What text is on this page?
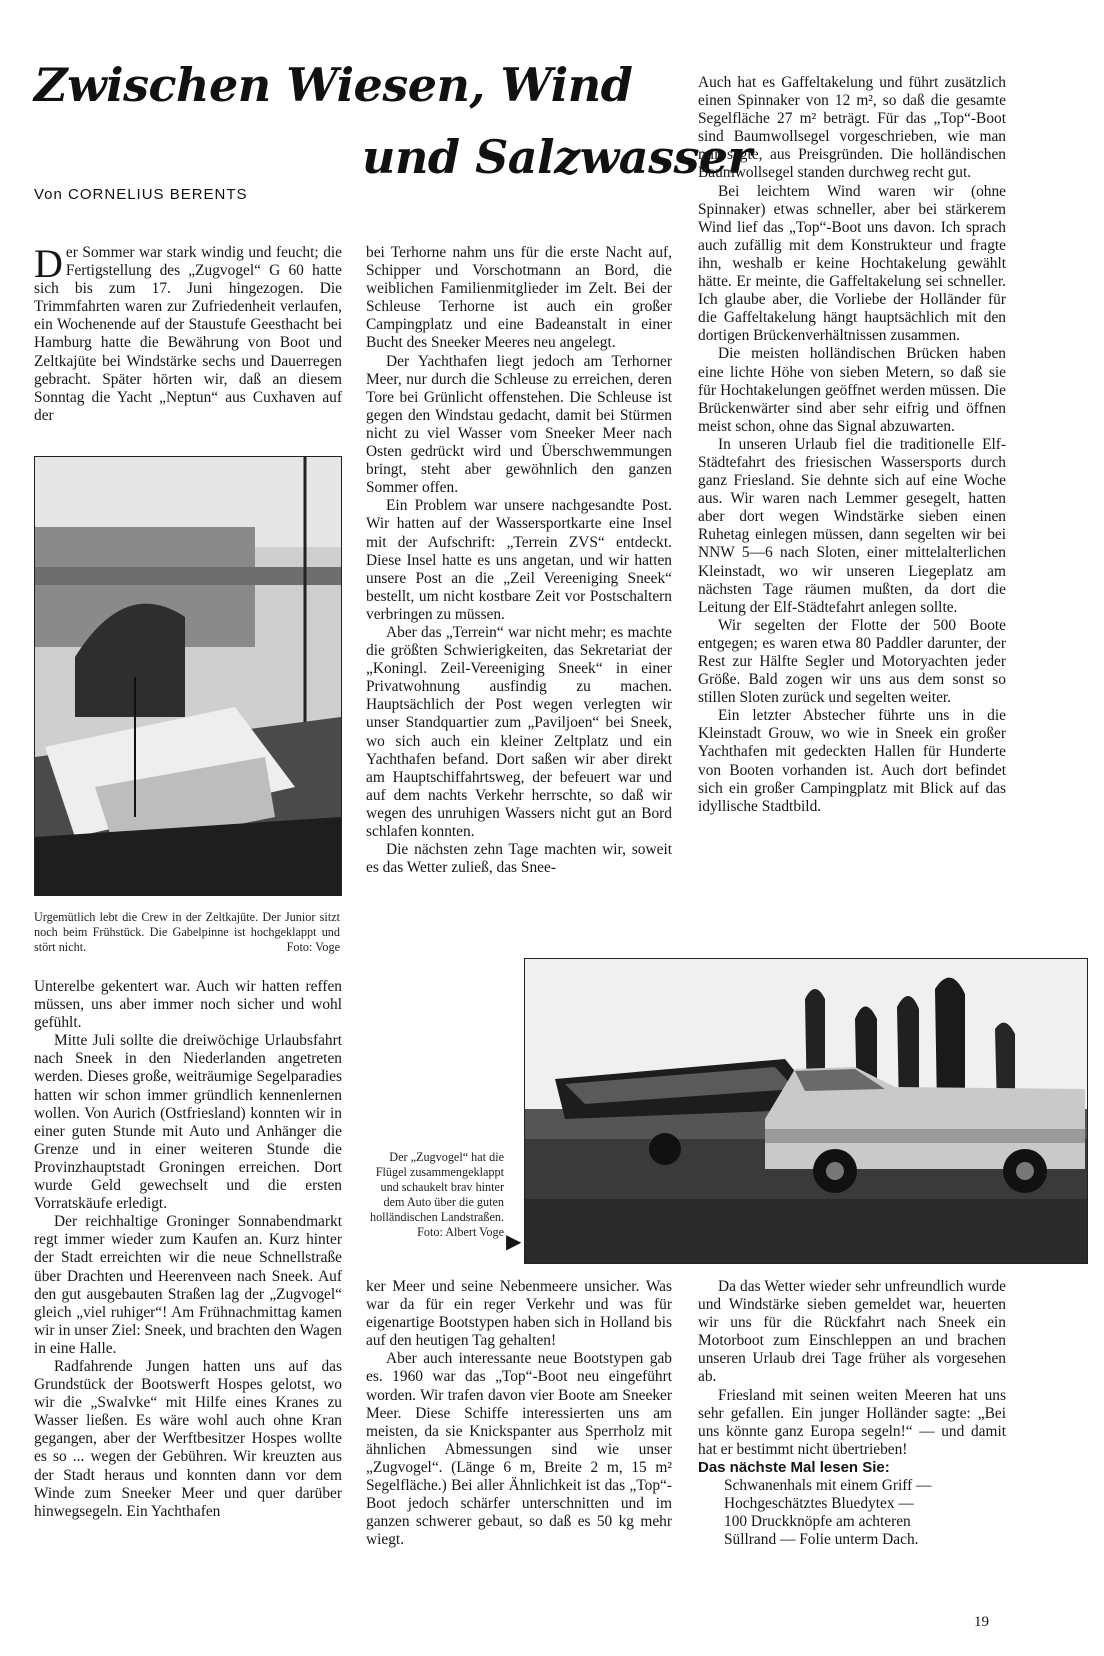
Zwischen Wiesen, Wind
und Salzwasser
Von CORNELIUS BERENTS

Der Sommer war stark windig und feucht; die Fertigstellung des „Zugvogel“ G 60 hatte sich bis zum 17. Juni hingezogen. Die Trimmfahrten waren zur Zufriedenheit verlaufen, ein Wochenende auf der Staustufe Geesthacht bei Hamburg hatte die Bewährung von Boot und Zeltkajüte bei Windstärke sechs und Dauerregen gebracht. Später hörten wir, daß an diesem Sonntag die Yacht „Neptun“ aus Cuxhaven auf der

Urgemütlich lebt die Crew in der Zeltkajüte. Der Junior sitzt noch beim Frühstück. Die Gabelpinne ist hochgeklappt und stört nicht.	Foto: Voge

bei Terhorne nahm uns für die erste Nacht auf, Schipper und Vorschotmann an Bord, die weiblichen Familienmitglieder im Zelt. Bei der Schleuse Terhorne ist auch ein großer Campingplatz und eine Badeanstalt in einer Bucht des Sneeker Meeres neu angelegt.

Der Yachthafen liegt jedoch am Terhorner Meer, nur durch die Schleuse zu erreichen, deren Tore bei Grünlicht offenstehen. Die Schleuse ist gegen den Windstau gedacht, damit bei Stürmen nicht zu viel Wasser vom Sneeker Meer nach Osten gedrückt wird und Überschwemmungen bringt, steht aber gewöhnlich den ganzen Sommer offen.

Ein Problem war unsere nachgesandte Post. Wir hatten auf der Wassersportkarte eine Insel mit der Aufschrift: „Terrein ZVS“ entdeckt. Diese Insel hatte es uns angetan, und wir hatten unsere Post an die „Zeil Vereeniging Sneek“ bestellt, um nicht kostbare Zeit vor Postschaltern verbringen zu müssen.

Aber das „Terrein“ war nicht mehr; es machte die größten Schwierigkeiten, das Sekretariat der „Koningl. Zeil-Vereeniging Sneek“ in einer Privatwohnung ausfindig zu machen. Hauptsächlich der Post wegen verlegten wir unser Standquartier zum „Paviljoen“ bei Sneek, wo sich auch ein kleiner Zeltplatz und ein Yachthafen befand. Dort saßen wir aber direkt am Hauptschiffahrtsweg, der befeuert war und auf dem nachts Verkehr herrschte, so daß wir wegen des unruhigen Wassers nicht gut an Bord schlafen konnten.

Die nächsten zehn Tage machten wir, soweit es das Wetter zuließ, das Snee-

Auch hat es Gaffeltakelung und führt zusätzlich einen Spinnaker von 12 m², so daß die gesamte Segelfläche 27 m² beträgt. Für das „Top“-Boot sind Baumwollsegel vorgeschrieben, wie man mir sagte, aus Preisgründen. Die holländischen Baumwollsegel standen durchweg recht gut.

Bei leichtem Wind waren wir (ohne Spinnaker) etwas schneller, aber bei stärkerem Wind lief das „Top“-Boot uns davon. Ich sprach auch zufällig mit dem Konstrukteur und fragte ihn, weshalb er keine Hochtakelung gewählt hätte. Er meinte, die Gaffeltakelung sei schneller. Ich glaube aber, die Vorliebe der Holländer für die Gaffeltakelung hängt hauptsächlich mit den dortigen Brückenverhältnissen zusammen.

Die meisten holländischen Brücken haben eine lichte Höhe von sieben Metern, so daß sie für Hochtakelungen geöffnet werden müssen. Die Brückenwärter sind aber sehr eifrig und öffnen meist schon, ohne das Signal abzuwarten.

In unseren Urlaub fiel die traditionelle Elf-Städtefahrt des friesischen Wassersports durch ganz Friesland. Sie dehnte sich auf eine Woche aus. Wir waren nach Lemmer gesegelt, hatten aber dort wegen Windstärke sieben einen Ruhetag einlegen müssen, dann segelten wir bei NNW 5—6 nach Sloten, einer mittelalterlichen Kleinstadt, wo wir unseren Liegeplatz am nächsten Tage räumen mußten, da dort die Leitung der Elf-Städtefahrt anlegen sollte.

Wir segelten der Flotte der 500 Boote entgegen; es waren etwa 80 Paddler darunter, der Rest zur Hälfte Segler und Motoryachten jeder Größe. Bald zogen wir uns aus dem sonst so stillen Sloten zurück und segelten weiter.

Ein letzter Abstecher führte uns in die Kleinstadt Grouw, wo wie in Sneek ein großer Yachthafen mit gedeckten Hallen für Hunderte von Booten vorhanden ist. Auch dort befindet sich ein großer Campingplatz mit Blick auf das idyllische Stadtbild.

Unterelbe gekentert war. Auch wir hatten reffen müssen, uns aber immer noch sicher und wohl gefühlt.

Mitte Juli sollte die dreiwöchige Urlaubsfahrt nach Sneek in den Niederlanden angetreten werden. Dieses große, weiträumige Segelparadies hatten wir schon immer gründlich kennenlernen wollen. Von Aurich (Ostfriesland) konnten wir in einer guten Stunde mit Auto und Anhänger die Grenze und in einer weiteren Stunde die Provinzhauptstadt Groningen erreichen. Dort wurde Geld gewechselt und die ersten Vorratskäufe erledigt.

Der reichhaltige Groninger Sonnabendmarkt regt immer wieder zum Kaufen an. Kurz hinter der Stadt erreichten wir die neue Schnellstraße über Drachten und Heerenveen nach Sneek. Auf den gut ausgebauten Straßen lag der „Zugvogel“ gleich „viel ruhiger“! Am Frühnachmittag kamen wir in unser Ziel: Sneek, und brachten den Wagen in eine Halle.

Radfahrende Jungen hatten uns auf das Grundstück der Bootswerft Hospes gelotst, wo wir die „Swalvke“ mit Hilfe eines Kranes zu Wasser ließen. Es wäre wohl auch ohne Kran gegangen, aber der Werftbesitzer Hospes wollte es so ... wegen der Gebühren. Wir kreuzten aus der Stadt heraus und konnten dann vor dem Winde zum Sneeker Meer und quer darüber hinwegsegeln. Ein Yachthafen

Der „Zugvogel“ hat die Flügel zusammengeklappt und schaukelt brav hinter dem Auto über die guten holländischen Landstraßen.
Foto: Albert Voge ▶

ker Meer und seine Nebenmeere unsicher. Was war da für ein reger Verkehr und was für eigenartige Bootstypen haben sich in Holland bis auf den heutigen Tag gehalten!

Aber auch interessante neue Bootstypen gab es. 1960 war das „Top“-Boot neu eingeführt worden. Wir trafen davon vier Boote am Sneeker Meer. Diese Schiffe interessierten uns am meisten, da sie Knickspanter aus Sperrholz mit ähnlichen Abmessungen sind wie unser „Zugvogel“. (Länge 6 m, Breite 2 m, 15 m² Segelfläche.) Bei aller Ähnlichkeit ist das „Top“-Boot jedoch schärfer unterschnitten und im ganzen schwerer gebaut, so daß es 50 kg mehr wiegt.

Da das Wetter wieder sehr unfreundlich wurde und Windstärke sieben gemeldet war, heuerten wir uns für die Rückfahrt nach Sneek ein Motorboot zum Einschleppen an und brachen unseren Urlaub drei Tage früher als vorgesehen ab.

Friesland mit seinen weiten Meeren hat uns sehr gefallen. Ein junger Holländer sagte: „Bei uns könnte ganz Europa segeln!“ — und damit hat er bestimmt nicht übertrieben!

Das nächste Mal lesen Sie:

Schwanenhals mit einem Griff —
Hochgeschätztes Bluedytex —
100 Druckknöpfe am achteren
Süllrand — Folie unterm Dach.
19
